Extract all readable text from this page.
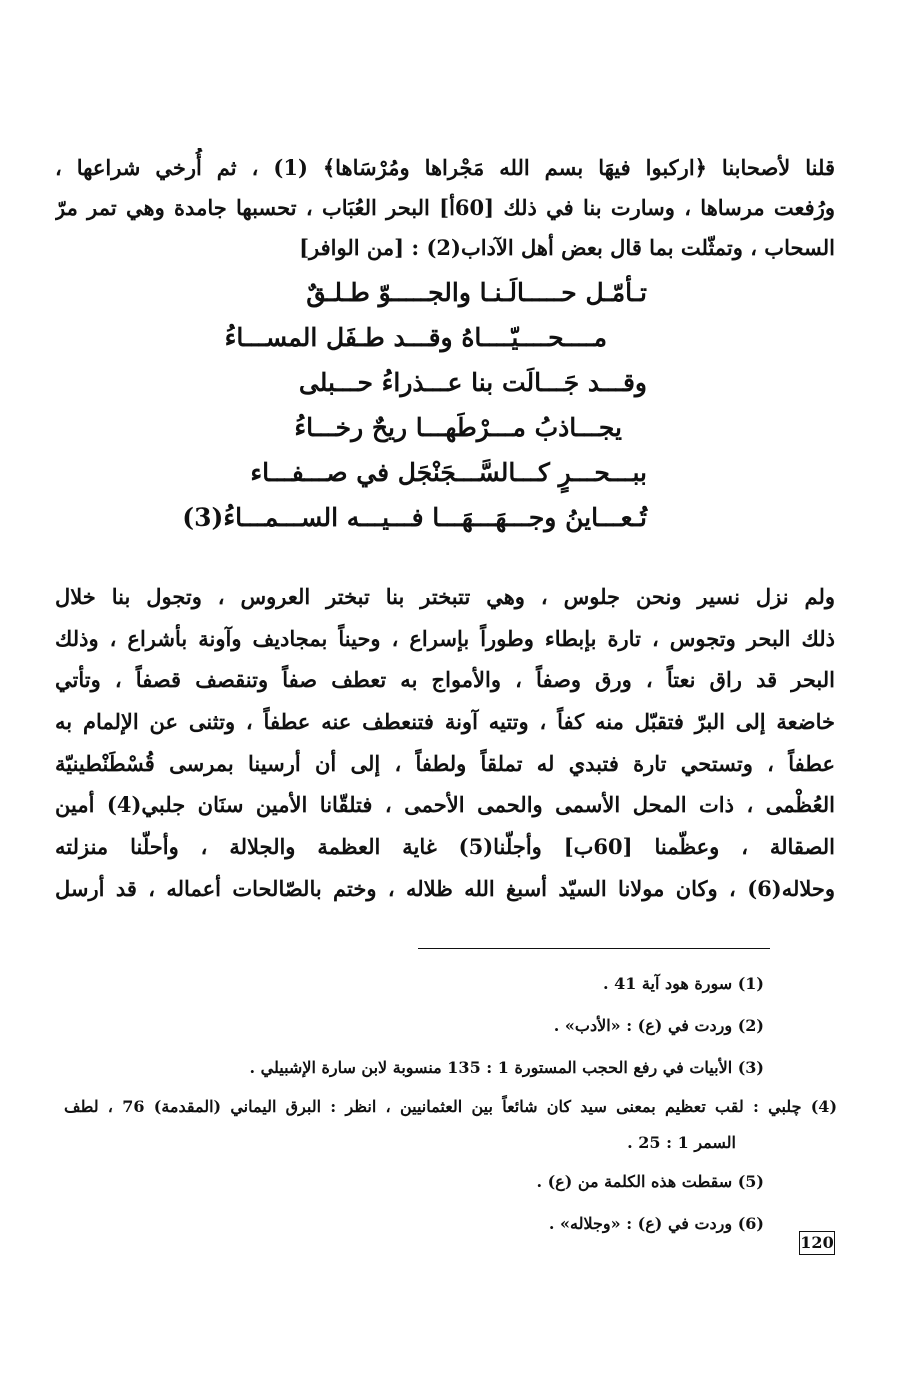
قلنا لأصحابنا ﴿اركبوا فيهَا بسم الله مَجْراها ومُرْسَاها﴾ (1) ، ثم أُرخي شراعها ،
ورُفعت مرساها ، وسارت بنا في ذلك [60أ] البحر العُبَاب ، تحسبها جامدة وهي تمر مرّ
السحاب ، وتمثّلت بما قال بعض أهل الآداب(2) : [من الوافر]
تـأمّـل حـــــالَـنـا والجـــــوّ طـلـقٌ
مــــحــــيّــــاهُ وقـــد طـفَل المســـاءُ
وقـــد جَـــالَت بنا عـــذراءُ حـــبلى
يجـــاذبُ مـــرْطَهـــا ريحٌ رخـــاءُ
ببـــحـــرٍ كـــالسَّـــجَنْجَل في صـــفـــاء
تُـعـــاينُ وجـــهَـــهَـــا فـــيـــه الســـمـــاءُ(3)
ولم نزل نسير ونحن جلوس ، وهي تتبختر بنا تبختر العروس ، وتجول بنا خلال
ذلك البحر وتجوس ، تارة بإبطاء وطوراً بإسراع ، وحيناً بمجاديف وآونة بأشراع ، وذلك
البحر قد راق نعتاً ، ورق وصفاً ، والأمواج به تعطف صفاً وتنقصف قصفاً ، وتأتي
خاضعة إلى البرّ فتقبّل منه كفاً ، وتتيه آونة فتنعطف عنه عطفاً ، وتثنى عن الإلمام به
عطفاً ، وتستحي تارة فتبدي له تملقاً ولطفاً ، إلى أن أرسينا بمرسى قُسْطَنْطينيّة
العُظْمى ، ذات المحل الأسمى والحمى الأحمى ، فتلقّانا الأمين سنَان جلبي(4) أمين
الصقالة ، وعظّمنا [60ب] وأجلّنا(5) غاية العظمة والجلالة ، وأحلّنا منزلته
وحلاله(6) ، وكان مولانا السيّد أسبغ الله ظلاله ، وختم بالصّالحات أعماله ، قد أرسل
(1) سورة هود آية 41 .
(2) وردت في (ع) : «الأدب» .
(3) الأبيات في رفع الحجب المستورة 1 : 135 منسوبة لابن سارة الإشبيلي .
(4) چلبي : لقب تعظيم بمعنى سيد كان شائعاً بين العثمانيين ، انظر : البرق اليماني (المقدمة) 76 ، لطف
السمر 1 : 25 .
(5) سقطت هذه الكلمة من (ع) .
(6) وردت في (ع) : «وجلاله» .
120
